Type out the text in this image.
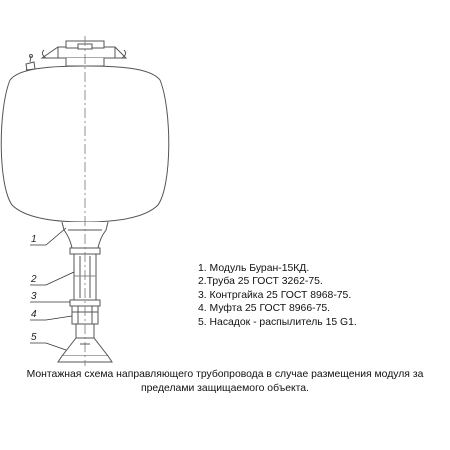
1
2
3
4
5
1. Модуль Буран-15КД.
2.Труба 25 ГОСТ 3262-75.
3. Контргайка 25 ГОСТ 8968-75.
4. Муфта 25 ГОСТ 8966-75.
5. Насадок - распылитель 15 G1.
Монтажная схема направляющего трубопровода в случае размещения модуля за
пределами защищаемого объекта.
